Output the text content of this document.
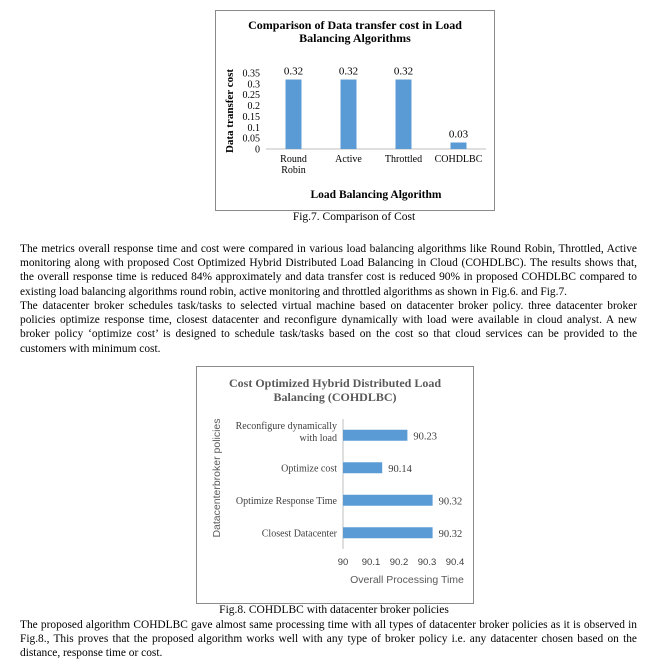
Comparison of Data transfer cost in Load
Balancing Algorithms
Data transfer cost 0
0.05
0.1
0.15
0.2
0.25
0.3
0.35 0.32
Round
Robin
0.32
Active
0.32
Throttled
0.03
COHDLBC
Load Balancing Algorithm
Fig.7. Comparison of Cost

The metrics overall response time and cost were compared in various load balancing algorithms like Round Robin, Throttled, Active monitoring along with proposed Cost Optimized Hybrid Distributed Load Balancing in Cloud (COHDLBC). The results shows that, the overall response time is reduced 84% approximately and data transfer cost is reduced 90% in proposed COHDLBC compared to existing load balancing algorithms round robin, active monitoring and throttled algorithms as shown in Fig.6. and Fig.7.

The datacenter broker schedules task/tasks to selected virtual machine based on datacenter broker policy. three datacenter broker policies optimize response time, closest datacenter and reconfigure dynamically with load were available in cloud analyst. A new broker policy ‘optimize cost’ is designed to schedule task/tasks based on the cost so that cloud services can be provided to the customers with minimum cost.

Cost Optimized Hybrid Distributed Load
Balancing (COHDLBC)
Datacenterbroker policies	90.23
Reconfigure dynamically
with load
90.14
Optimize cost
90.32
Optimize Response Time
90.32
Closest Datacenter
90 90.1 90.2 90.3 90.4
Overall Processing Time
Fig.8. COHDLBC with datacenter broker policies

The proposed algorithm COHDLBC gave almost same processing time with all types of datacenter broker policies as it is observed in Fig.8., This proves that the proposed algorithm works well with any type of broker policy i.e. any datacenter chosen based on the distance, response time or cost.
